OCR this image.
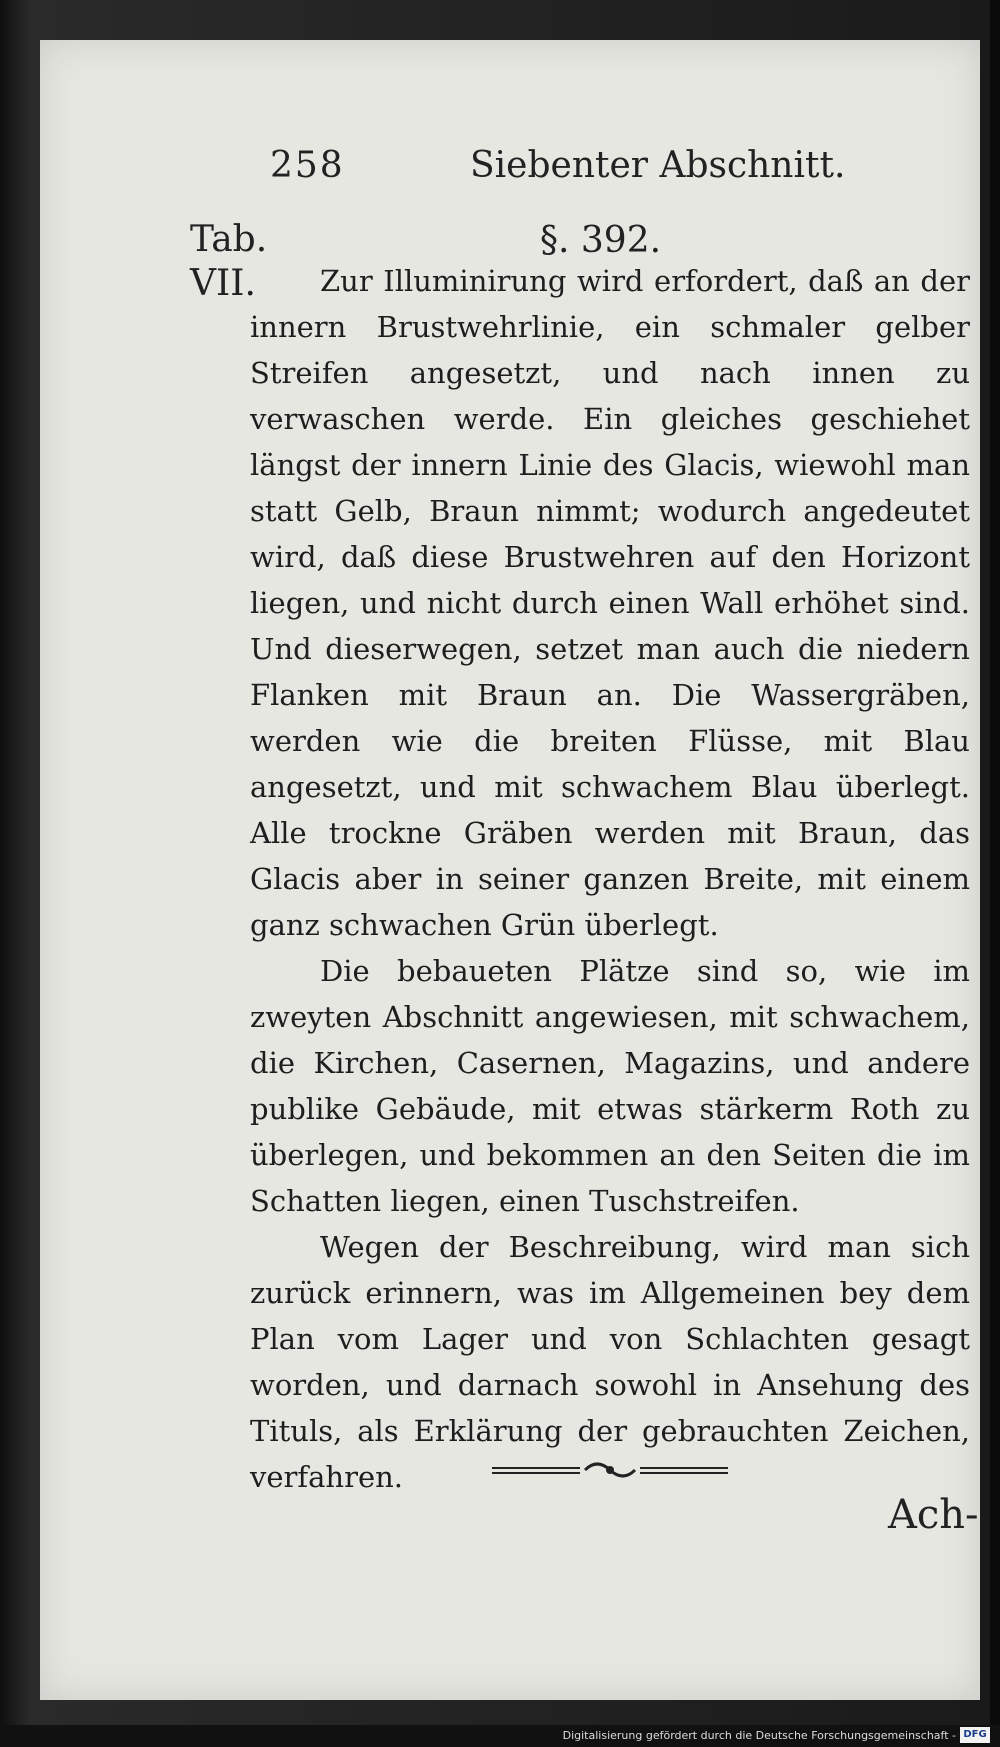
258	Siebenter Abschnitt.
Tab.
VII.
§. 392.

Zur Illuminirung wird erfordert, daß an der innern Brustwehrlinie, ein schmaler gelber Streifen angesetzt, und nach innen zu verwaschen werde. Ein gleiches geschiehet längst der innern Linie des Glacis, wiewohl man statt Gelb, Braun nimmt; wodurch angedeutet wird, daß diese Brustwehren auf den Horizont liegen, und nicht durch einen Wall erhöhet sind. Und dieserwegen, setzet man auch die niedern Flanken mit Braun an. Die Wassergräben, werden wie die breiten Flüsse, mit Blau angesetzt, und mit schwachem Blau überlegt. Alle trockne Gräben werden mit Braun, das Glacis aber in seiner ganzen Breite, mit einem ganz schwachen Grün überlegt.

Die bebaueten Plätze sind so, wie im zweyten Abschnitt angewiesen, mit schwachem, die Kirchen, Casernen, Magazins, und andere publike Gebäude, mit etwas stärkerm Roth zu überlegen, und bekommen an den Seiten die im Schatten liegen, einen Tuschstreifen.

Wegen der Beschreibung, wird man sich zurück erinnern, was im Allgemeinen bey dem Plan vom Lager und von Schlachten gesagt worden, und darnach sowohl in Ansehung des Tituls, als Erklärung der gebrauchten Zeichen, verfahren.

Ach-
Digitalisierung gefördert durch die Deutsche Forschungsgemeinschaft - DFG
